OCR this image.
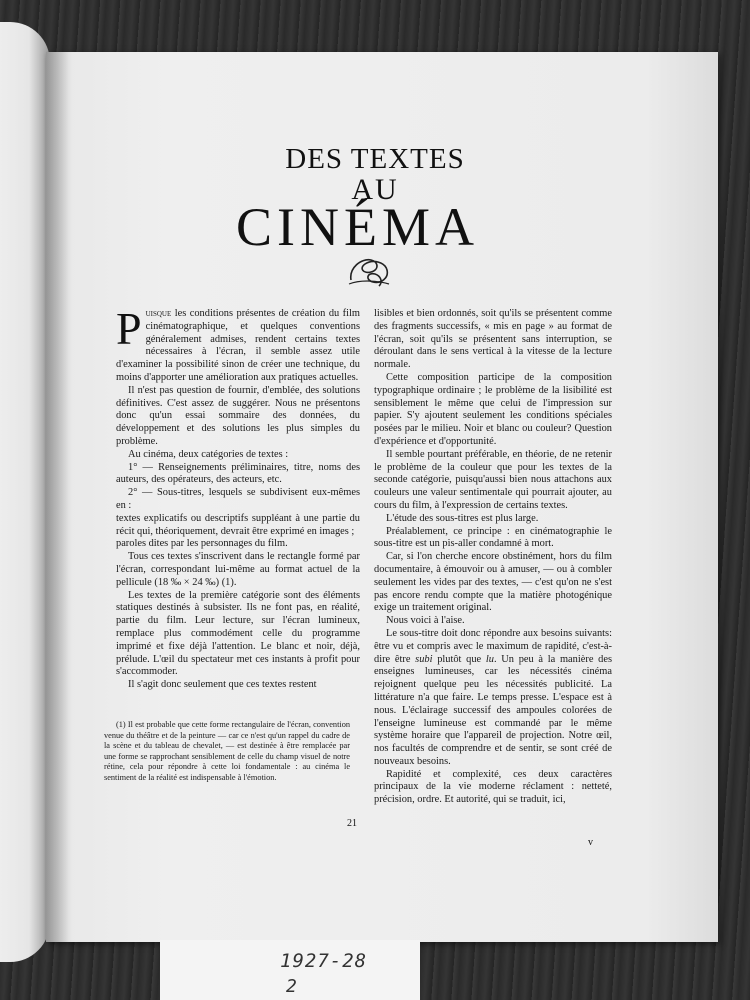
DES TEXTES
AU
CINÉMA

Puisque les conditions présentes de création du film cinématographique, et quelques conventions généralement admises, rendent certains textes nécessaires à l'écran, il semble assez utile d'examiner la possibilité sinon de créer une technique, du moins d'apporter une amélioration aux pratiques actuelles.

Il n'est pas question de fournir, d'emblée, des solutions définitives. C'est assez de suggérer. Nous ne présentons donc qu'un essai sommaire des données, du développement et des solutions les plus simples du problème.

Au cinéma, deux catégories de textes :

1° — Renseignements préliminaires, titre, noms des auteurs, des opérateurs, des acteurs, etc.

2° — Sous-titres, lesquels se subdivisent eux-mêmes en :

textes explicatifs ou descriptifs suppléant à une partie du récit qui, théoriquement, devrait être exprimé en images ;

paroles dites par les personnages du film.

Tous ces textes s'inscrivent dans le rectangle formé par l'écran, correspondant lui-même au format actuel de la pellicule (18 ‰ × 24 ‰) (1).

Les textes de la première catégorie sont des éléments statiques destinés à subsister. Ils ne font pas, en réalité, partie du film. Leur lecture, sur l'écran lumineux, remplace plus commodément celle du programme imprimé et fixe déjà l'attention. Le blanc et noir, déjà, prélude. L'œil du spectateur met ces instants à profit pour s'accommoder.

Il s'agit donc seulement que ces textes restent

(1) Il est probable que cette forme rectangulaire de l'écran, convention venue du théâtre et de la peinture — car ce n'est qu'un rappel du cadre de la scène et du tableau de chevalet, — est destinée à être remplacée par une forme se rapprochant sensiblement de celle du champ visuel de notre rétine, cela pour répondre à cette loi fondamentale : au cinéma le sentiment de la réalité est indispensable à l'émotion.

lisibles et bien ordonnés, soit qu'ils se présentent comme des fragments successifs, « mis en page » au format de l'écran, soit qu'ils se présentent sans interruption, se déroulant dans le sens vertical à la vitesse de la lecture normale.

Cette composition participe de la composition typographique ordinaire ; le problème de la lisibilité est sensiblement le même que celui de l'impression sur papier. S'y ajoutent seulement les conditions spéciales posées par le milieu. Noir et blanc ou couleur? Question d'expérience et d'opportunité.

Il semble pourtant préférable, en théorie, de ne retenir le problème de la couleur que pour les textes de la seconde catégorie, puisqu'aussi bien nous attachons aux couleurs une valeur sentimentale qui pourrait ajouter, au cours du film, à l'expression de certains textes.

L'étude des sous-titres est plus large.

Préalablement, ce principe : en cinématographie le sous-titre est un pis-aller condamné à mort.

Car, si l'on cherche encore obstinément, hors du film documentaire, à émouvoir ou à amuser, — ou à combler seulement les vides par des textes, — c'est qu'on ne s'est pas encore rendu compte que la matière photogénique exige un traitement original.

Nous voici à l'aise.

Le sous-titre doit donc répondre aux besoins suivants: être vu et compris avec le maximum de rapidité, c'est-à-dire être subi plutôt que lu. Un peu à la manière des enseignes lumineuses, car les nécessités cinéma rejoignent quelque peu les nécessités publicité. La littérature n'a que faire. Le temps presse. L'espace est à nous. L'éclairage successif des ampoules colorées de l'enseigne lumineuse est commandé par le même système horaire que l'appareil de projection. Notre œil, nos facultés de comprendre et de sentir, se sont créé de nouveaux besoins.

Rapidité et complexité, ces deux caractères principaux de la vie moderne réclament : netteté, précision, ordre. Et autorité, qui se traduit, ici,

21
v
1927-28
2
